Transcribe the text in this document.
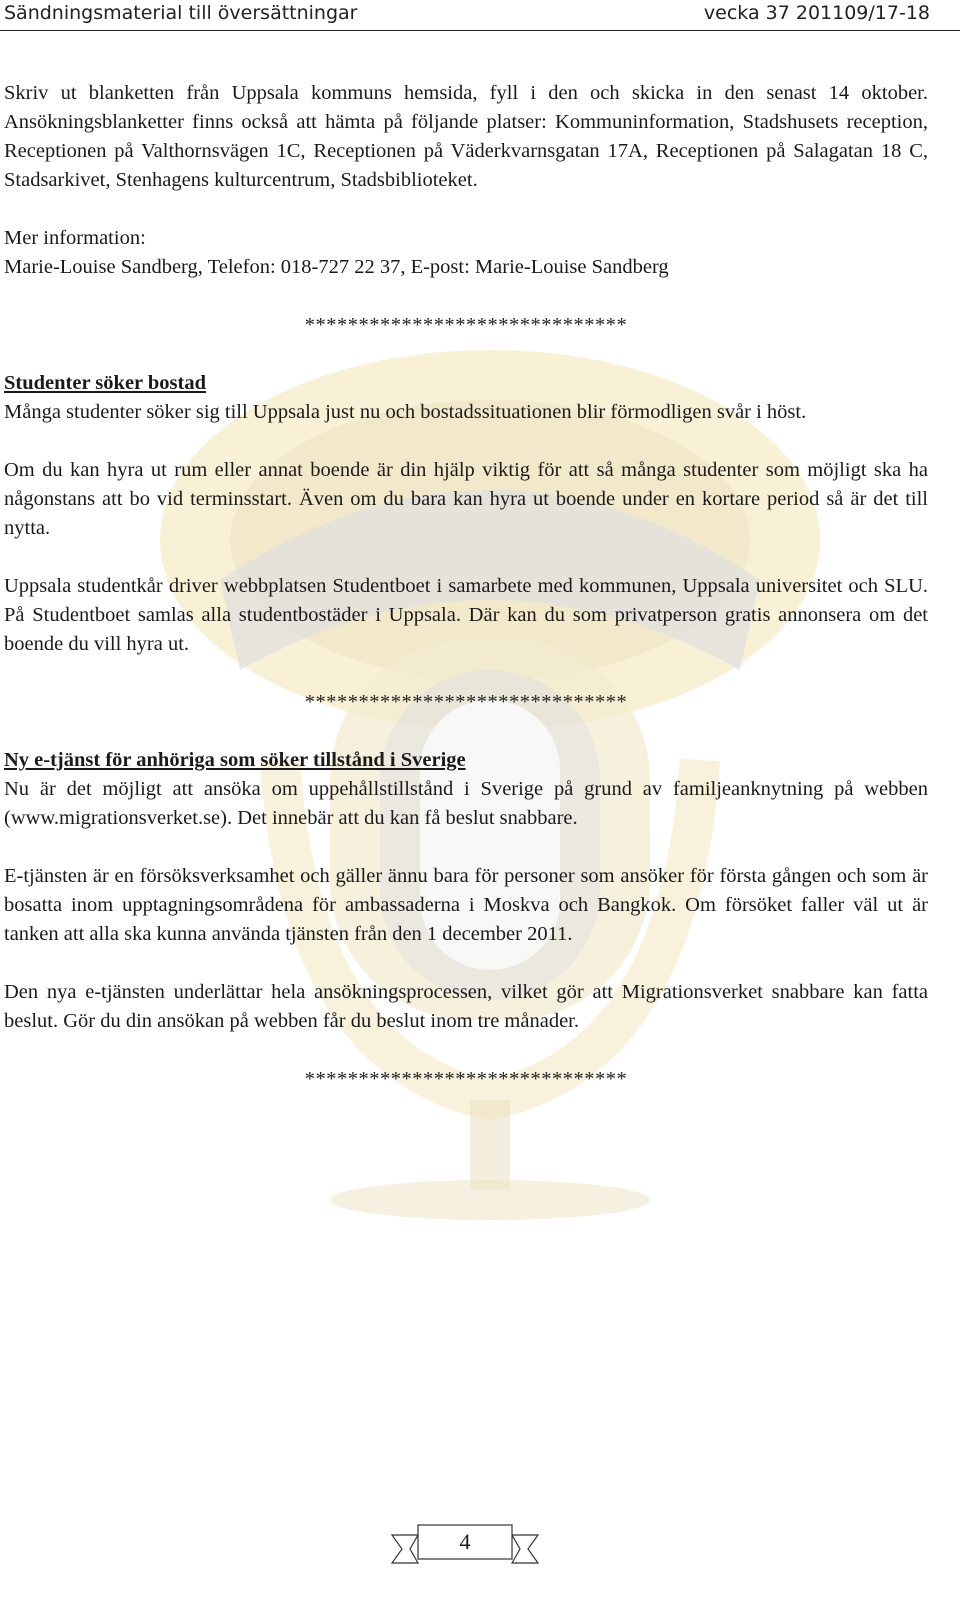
Sändningsmaterial till översättningar	vecka 37 201109/17-18

Skriv ut blanketten från Uppsala kommuns hemsida, fyll i den och skicka in den senast 14 oktober. Ansökningsblanketter finns också att hämta på följande platser: Kommuninformation, Stadshusets reception, Receptionen på Valthornsvägen 1C, Receptionen på Väderkvarnsgatan 17A, Receptionen på Salagatan 18 C, Stadsarkivet, Stenhagens kulturcentrum, Stadsbiblioteket.

Mer information:

Marie-Louise Sandberg, Telefon: 018-727 22 37, E-post: Marie-Louise Sandberg

******************************

Studenter söker bostad

Många studenter söker sig till Uppsala just nu och bostadssituationen blir förmodligen svår i höst.

Om du kan hyra ut rum eller annat boende är din hjälp viktig för att så många studenter som möjligt ska ha någonstans att bo vid terminsstart. Även om du bara kan hyra ut boende under en kortare period så är det till nytta.

Uppsala studentkår driver webbplatsen Studentboet i samarbete med kommunen, Uppsala universitet och SLU. På Studentboet samlas alla studentbostäder i Uppsala. Där kan du som privatperson gratis annonsera om det boende du vill hyra ut.

******************************

Ny e-tjänst för anhöriga som söker tillstånd i Sverige

Nu är det möjligt att ansöka om uppehållstillstånd i Sverige på grund av familjeanknytning på webben (www.migrationsverket.se). Det innebär att du kan få beslut snabbare.

E-tjänsten är en försöksverksamhet och gäller ännu bara för personer som ansöker för första gången och som är bosatta inom upptagningsområdena för ambassaderna i Moskva och Bangkok. Om försöket faller väl ut är tanken att alla ska kunna använda tjänsten från den 1 december 2011.

Den nya e-tjänsten underlättar hela ansökningsprocessen, vilket gör att Migrationsverket snabbare kan fatta beslut. Gör du din ansökan på webben får du beslut inom tre månader.

******************************

4
